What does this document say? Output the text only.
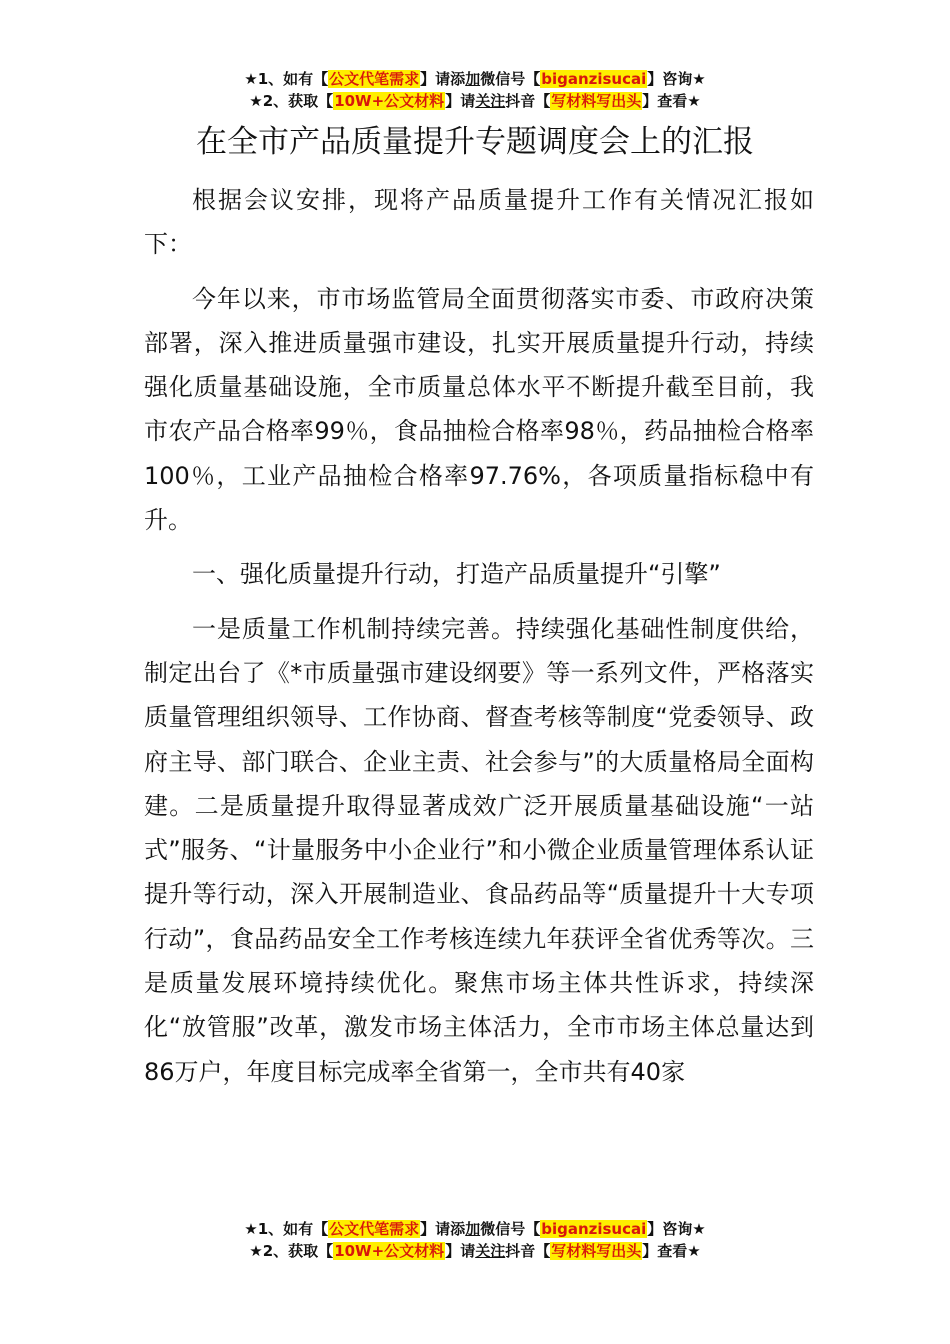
★1、如有【公文代笔需求】请添加微信号【biganzisucai】咨询★
★2、获取【10W+公文材料】请关注抖音【写材料写出头】查看★
在全市产品质量提升专题调度会上的汇报

根据会议安排，现将产品质量提升工作有关情况汇报如下：

今年以来，市市场监管局全面贯彻落实市委、市政府决策部署，深入推进质量强市建设，扎实开展质量提升行动，持续强化质量基础设施，全市质量总体水平不断提升截至目前，我市农产品合格率99％，食品抽检合格率98％，药品抽检合格率100％，工业产品抽检合格率97.76%，各项质量指标稳中有升。

一、强化质量提升行动，打造产品质量提升“引擎”

一是质量工作机制持续完善。持续强化基础性制度供给，制定出台了《*市质量强市建设纲要》等一系列文件，严格落实质量管理组织领导、工作协商、督查考核等制度“党委领导、政府主导、部门联合、企业主责、社会参与”的大质量格局全面构建。二是质量提升取得显著成效广泛开展质量基础设施“一站式”服务、“计量服务中小企业行”和小微企业质量管理体系认证提升等行动，深入开展制造业、食品药品等“质量提升十大专项行动”，食品药品安全工作考核连续九年获评全省优秀等次。三是质量发展环境持续优化。聚焦市场主体共性诉求，持续深化“放管服”改革，激发市场主体活力，全市市场主体总量达到86万户，年度目标完成率全省第一，全市共有40家

★1、如有【公文代笔需求】请添加微信号【biganzisucai】咨询★
★2、获取【10W+公文材料】请关注抖音【写材料写出头】查看★
